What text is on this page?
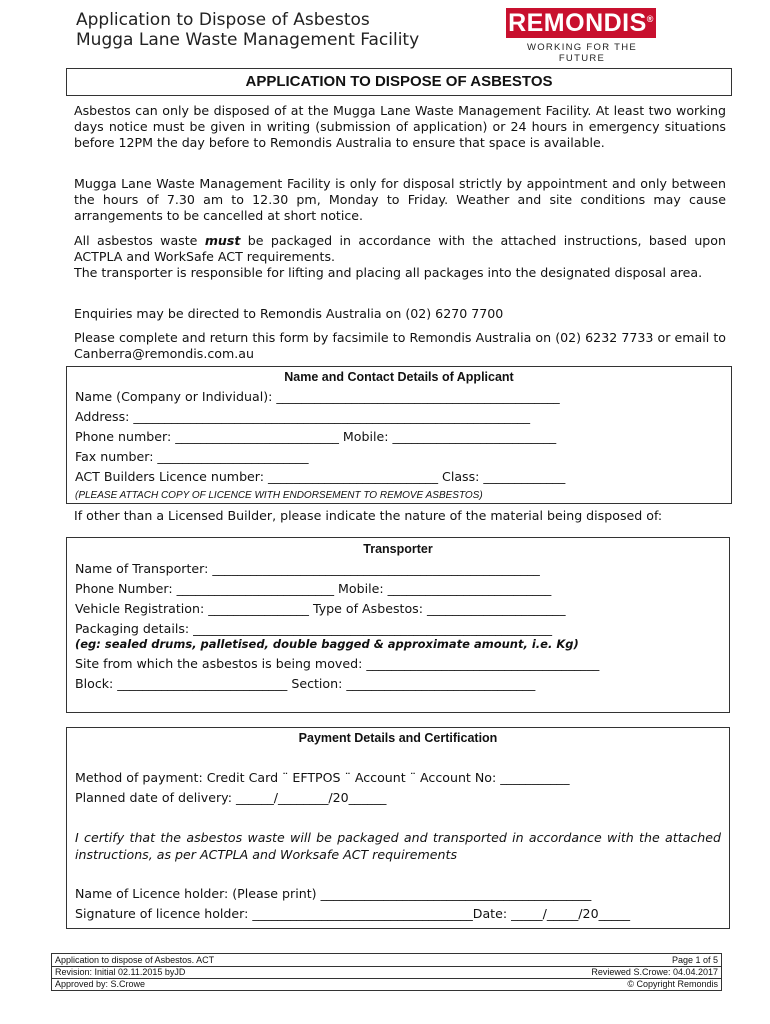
Application to Dispose of Asbestos
Mugga Lane Waste Management Facility
REMONDIS®
WORKING FOR THE FUTURE
APPLICATION TO DISPOSE OF ASBESTOS
Asbestos can only be disposed of at the Mugga Lane Waste Management Facility. At least two working days notice must be given in writing (submission of application) or 24 hours in emergency situations before 12PM the day before to Remondis Australia to ensure that space is available.
Mugga Lane Waste Management Facility is only for disposal strictly by appointment and only between the hours of 7.30 am to 12.30 pm, Monday to Friday. Weather and site conditions may cause arrangements to be cancelled at short notice.
All asbestos waste must be packaged in accordance with the attached instructions, based upon ACTPLA and WorkSafe ACT requirements.
The transporter is responsible for lifting and placing all packages into the designated disposal area.
Enquiries may be directed to Remondis Australia on (02) 6270 7700
Please complete and return this form by facsimile to Remondis Australia on (02) 6232 7733 or email to Canberra@remondis.com.au
Name and Contact Details of Applicant
Name (Company or Individual): _____________________________________________
Address: _______________________________________________________________
Phone number: __________________________ Mobile: __________________________
Fax number: ________________________
ACT Builders Licence number: ___________________________ Class: _____________
(PLEASE ATTACH COPY OF LICENCE WITH ENDORSEMENT TO REMOVE ASBESTOS)
If other than a Licensed Builder, please indicate the nature of the material being disposed of:
Transporter
Name of Transporter: ____________________________________________________
Phone Number: _________________________ Mobile: __________________________
Vehicle Registration: ________________ Type of Asbestos: ______________________
Packaging details: _________________________________________________________
(eg: sealed drums, palletised, double bagged & approximate amount, i.e. Kg)
Site from which the asbestos is being moved: _____________________________________
Block: ___________________________ Section: ______________________________
Payment Details and Certification
Method of payment: Credit Card ¨ EFTPOS ¨ Account ¨ Account No: ___________
Planned date of delivery: ______/________/20______
I certify that the asbestos waste will be packaged and transported in accordance with the attached instructions, as per ACTPLA and Worksafe ACT requirements
Name of Licence holder: (Please print) ___________________________________________
Signature of licence holder: ___________________________________Date: _____/_____/20_____
Application to dispose of Asbestos. ACT	Page 1 of 5
Revision: Initial 02.11.2015 byJD	Reviewed S.Crowe: 04.04.2017
Approved by: S.Crowe	© Copyright Remondis
